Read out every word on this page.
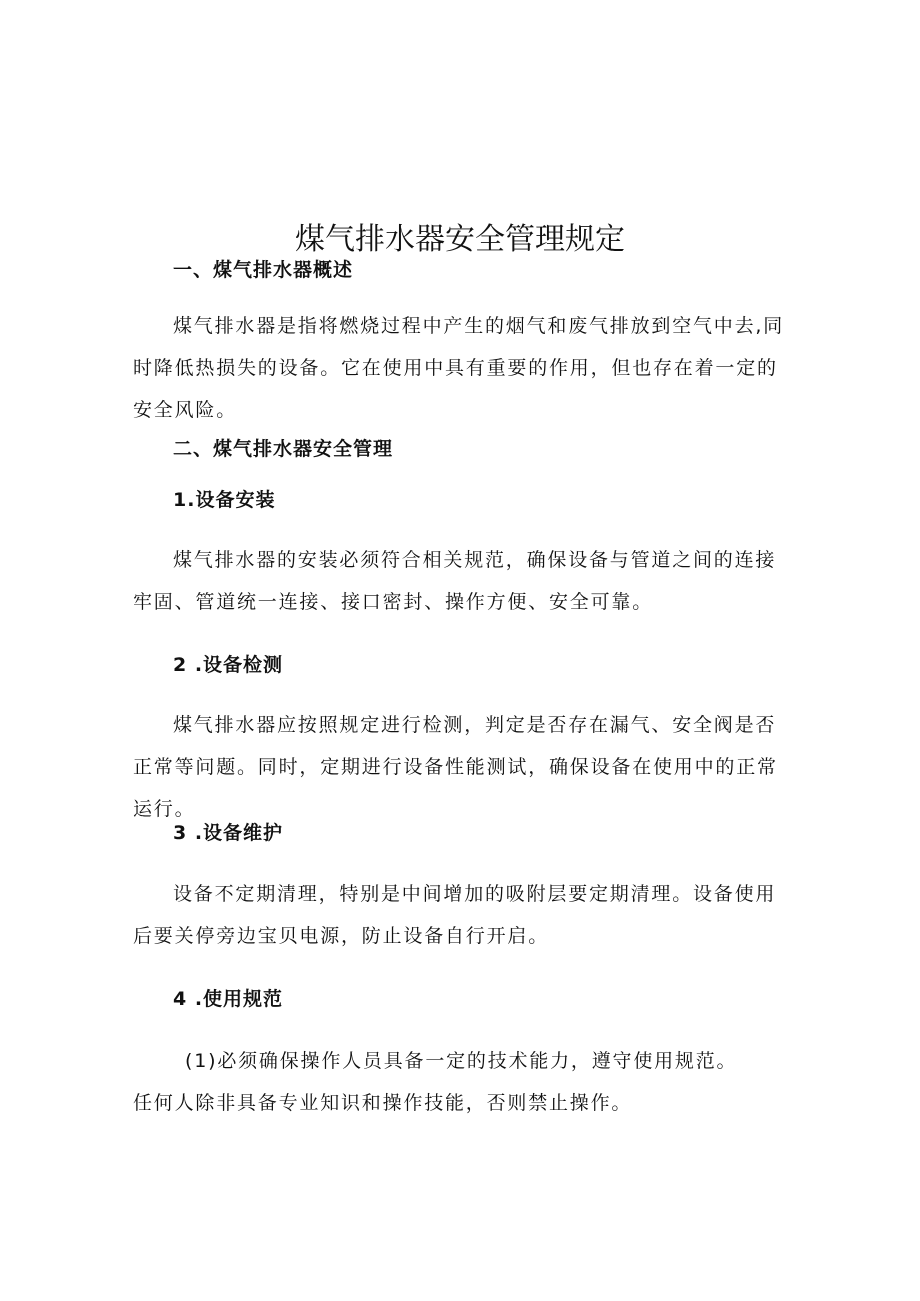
煤气排水器安全管理规定
一、煤气排水器概述

煤气排水器是指将燃烧过程中产生的烟气和废气排放到空气中去,同时降低热损失的设备。它在使用中具有重要的作用，但也存在着一定的安全风险。

二、煤气排水器安全管理
1.设备安装

煤气排水器的安装必须符合相关规范，确保设备与管道之间的连接牢固、管道统一连接、接口密封、操作方便、安全可靠。

2 .设备检测

煤气排水器应按照规定进行检测，判定是否存在漏气、安全阀是否正常等问题。同时，定期进行设备性能测试，确保设备在使用中的正常运行。

3 .设备维护

设备不定期清理，特别是中间增加的吸附层要定期清理。设备使用后要关停旁边宝贝电源，防止设备自行开启。

4 .使用规范

(1)必须确保操作人员具备一定的技术能力，遵守使用规范。任何人除非具备专业知识和操作技能，否则禁止操作。
